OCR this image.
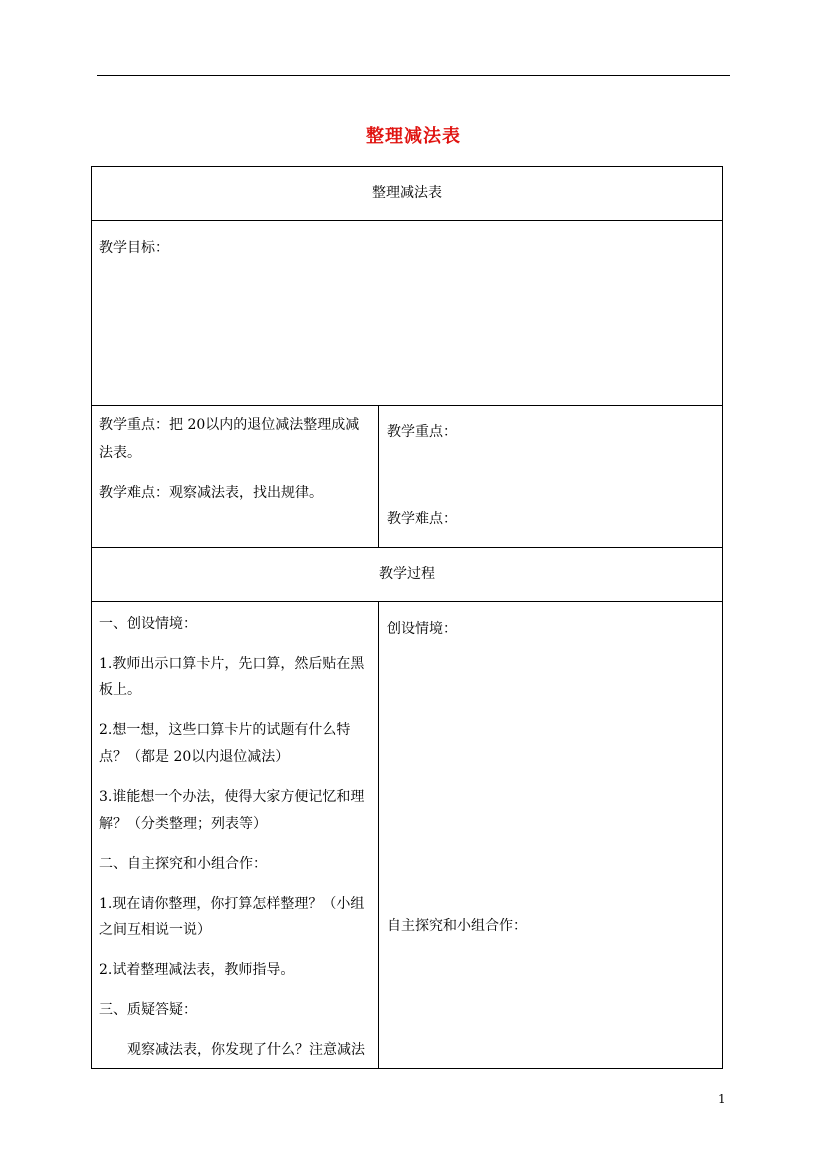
整理减法表
整理减法表
教学目标：
教学重点：把 20以内的退位减法整理成减
法表。
教学难点：观察减法表，找出规律。
教学重点：
教学难点：
教学过程
一、创设情境：
1.教师出示口算卡片，先口算，然后贴在黑
板上。
2.想一想，这些口算卡片的试题有什么特
点？（都是 20以内退位减法）
3.谁能想一个办法，使得大家方便记忆和理
解？（分类整理；列表等）
二、自主探究和小组合作：
1.现在请你整理，你打算怎样整理？（小组
之间互相说一说）
2.试着整理减法表，教师指导。
三、质疑答疑：
观察减法表，你发现了什么？注意减法
创设情境：
自主探究和小组合作：
1
